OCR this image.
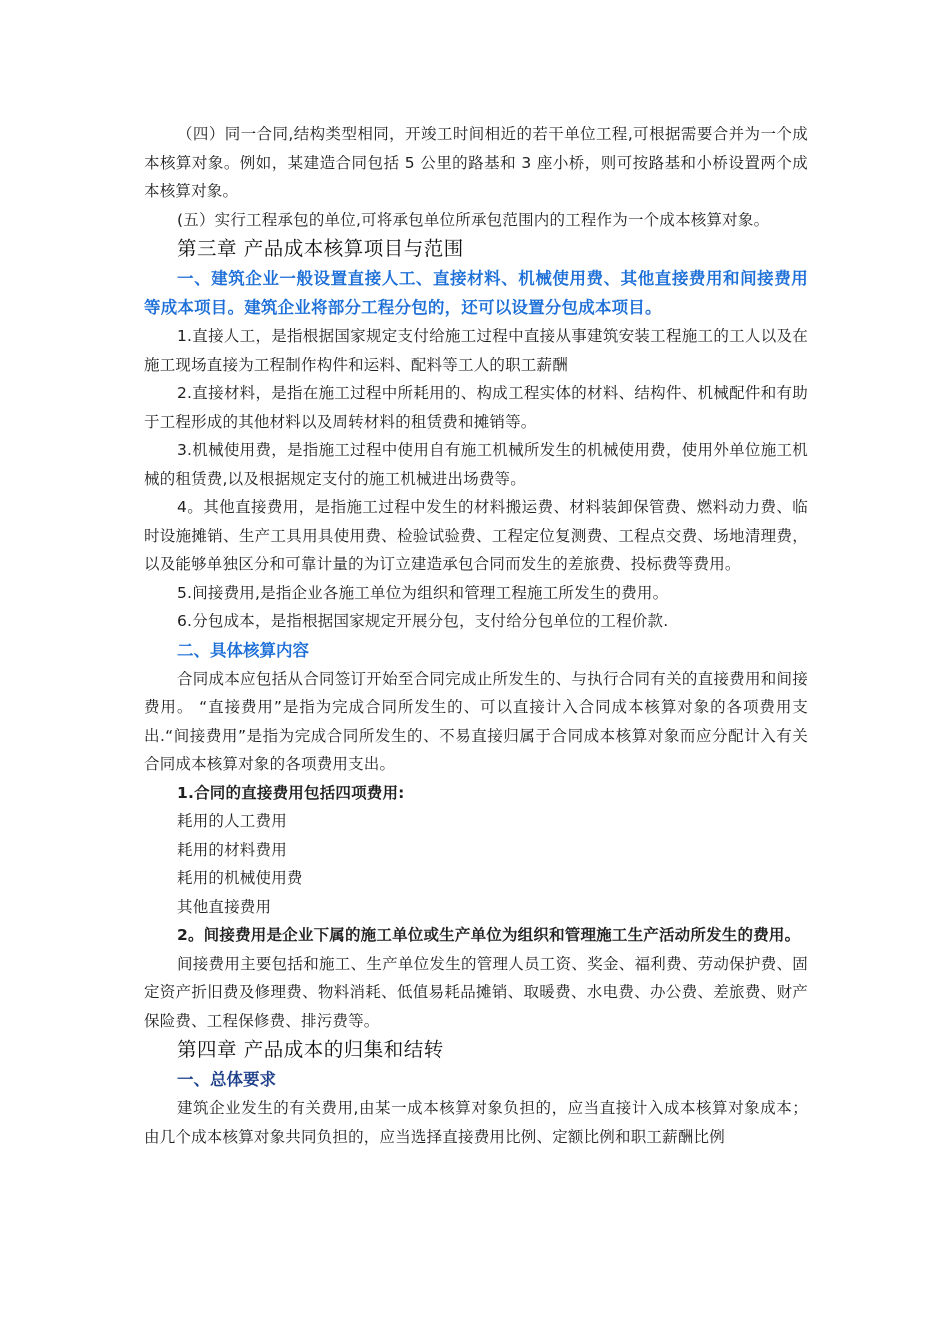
（四）同一合同,结构类型相同，开竣工时间相近的若干单位工程,可根据需要合并为一个成本核算对象。例如，某建造合同包括 5 公里的路基和 3 座小桥，则可按路基和小桥设置两个成本核算对象。

(五）实行工程承包的单位,可将承包单位所承包范围内的工程作为一个成本核算对象。

第三章 产品成本核算项目与范围

一、建筑企业一般设置直接人工、直接材料、机械使用费、其他直接费用和间接费用等成本项目。建筑企业将部分工程分包的，还可以设置分包成本项目。

1.直接人工，是指根据国家规定支付给施工过程中直接从事建筑安装工程施工的工人以及在施工现场直接为工程制作构件和运料、配料等工人的职工薪酬

2.直接材料，是指在施工过程中所耗用的、构成工程实体的材料、结构件、机械配件和有助于工程形成的其他材料以及周转材料的租赁费和摊销等。

3.机械使用费，是指施工过程中使用自有施工机械所发生的机械使用费，使用外单位施工机械的租赁费,以及根据规定支付的施工机械进出场费等。

4。其他直接费用，是指施工过程中发生的材料搬运费、材料装卸保管费、燃料动力费、临时设施摊销、生产工具用具使用费、检验试验费、工程定位复测费、工程点交费、场地清理费，以及能够单独区分和可靠计量的为订立建造承包合同而发生的差旅费、投标费等费用。

5.间接费用,是指企业各施工单位为组织和管理工程施工所发生的费用。

6.分包成本，是指根据国家规定开展分包，支付给分包单位的工程价款.

二、具体核算内容

合同成本应包括从合同签订开始至合同完成止所发生的、与执行合同有关的直接费用和间接费用。 “直接费用”是指为完成合同所发生的、可以直接计入合同成本核算对象的各项费用支出.“间接费用”是指为完成合同所发生的、不易直接归属于合同成本核算对象而应分配计入有关合同成本核算对象的各项费用支出。

1.合同的直接费用包括四项费用:

耗用的人工费用

耗用的材料费用

耗用的机械使用费

其他直接费用

2。间接费用是企业下属的施工单位或生产单位为组织和管理施工生产活动所发生的费用。

间接费用主要包括和施工、生产单位发生的管理人员工资、奖金、福利费、劳动保护费、固定资产折旧费及修理费、物料消耗、低值易耗品摊销、取暖费、水电费、办公费、差旅费、财产保险费、工程保修费、排污费等。

第四章 产品成本的归集和结转
一、总体要求

建筑企业发生的有关费用,由某一成本核算对象负担的，应当直接计入成本核算对象成本；由几个成本核算对象共同负担的，应当选择直接费用比例、定额比例和职工薪酬比例
